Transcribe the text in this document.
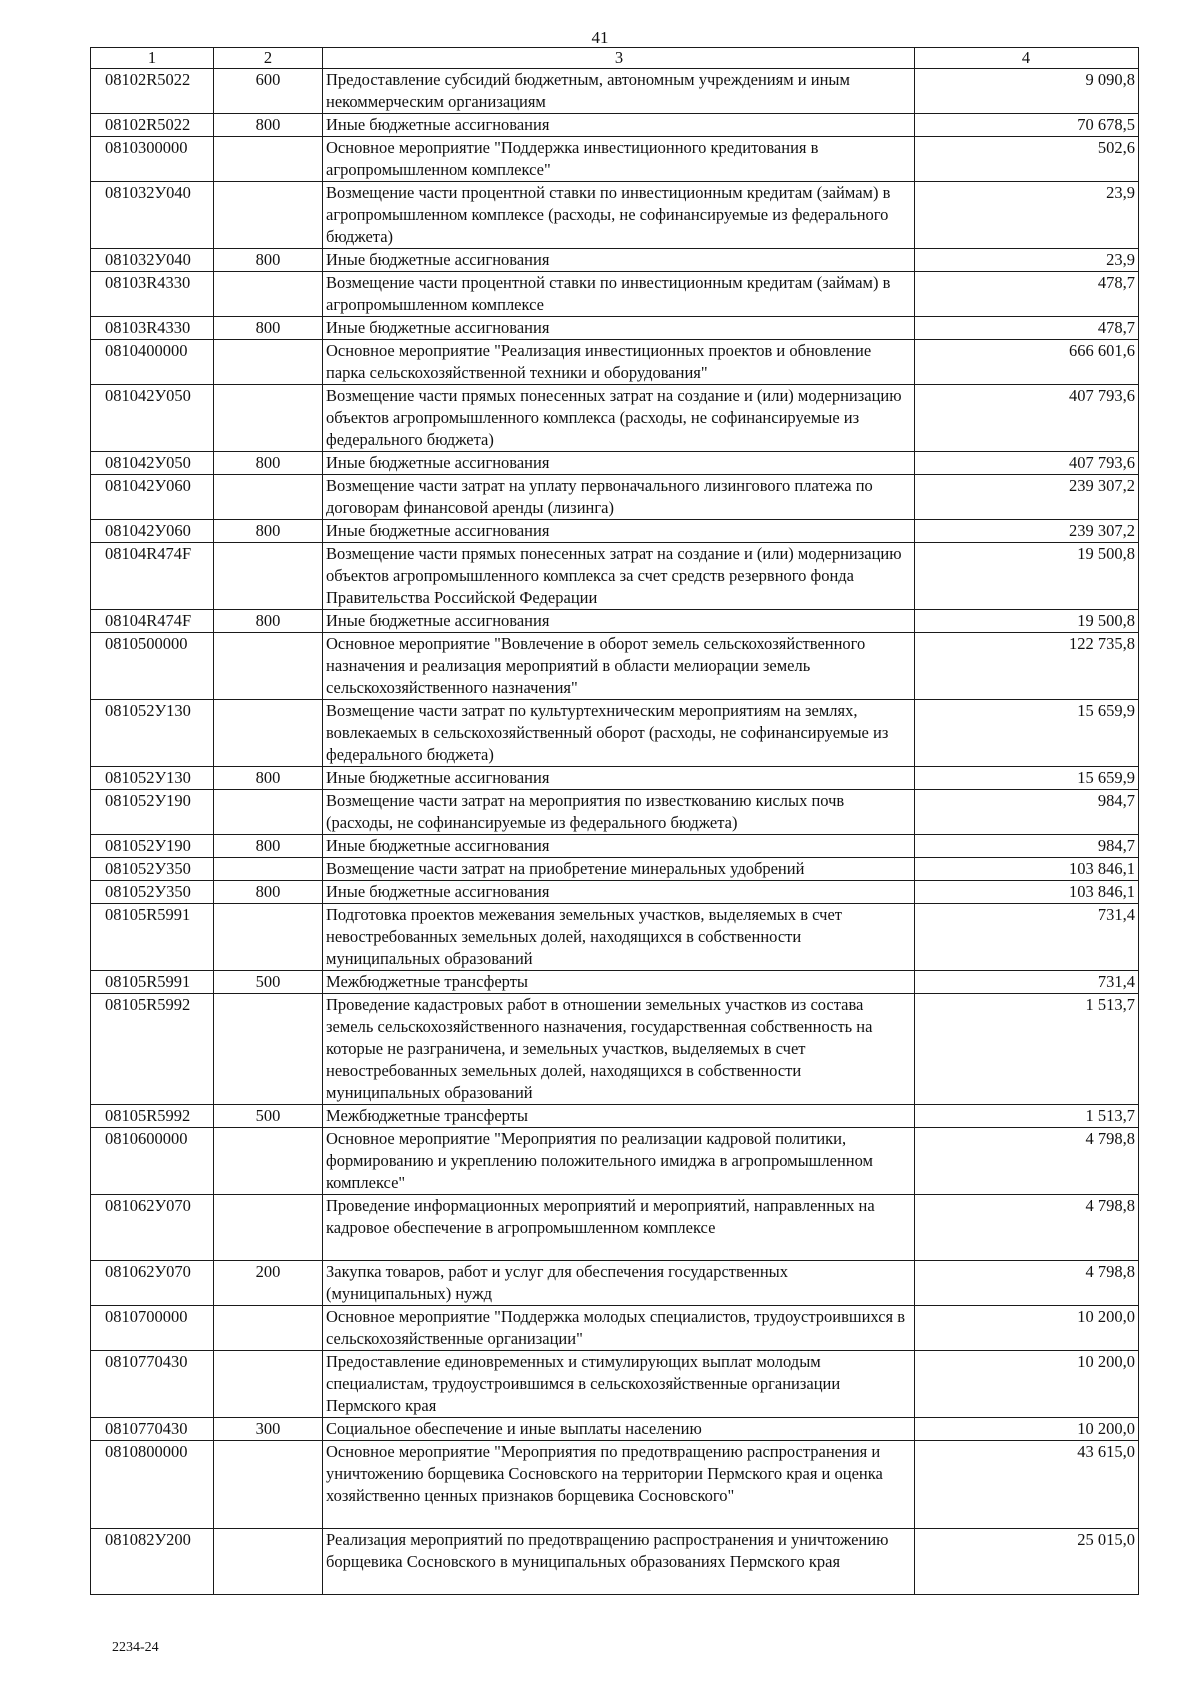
41
1	2	3	4
08102R5022	600	Предоставление субсидий бюджетным, автономным учреждениям и иным некоммерческим организациям	9 090,8
08102R5022	800	Иные бюджетные ассигнования	70 678,5
0810300000		Основное мероприятие "Поддержка инвестиционного кредитования в агропромышленном комплексе"	502,6
081032У040		Возмещение части процентной ставки по инвестиционным кредитам (займам) в агропромышленном комплексе (расходы, не софинансируемые из федерального бюджета)	23,9
081032У040	800	Иные бюджетные ассигнования	23,9
08103R4330		Возмещение части процентной ставки по инвестиционным кредитам (займам) в агропромышленном комплексе	478,7
08103R4330	800	Иные бюджетные ассигнования	478,7
0810400000		Основное мероприятие "Реализация инвестиционных проектов и обновление парка сельскохозяйственной техники и оборудования"	666 601,6
081042У050		Возмещение части прямых понесенных затрат на создание и (или) модернизацию объектов агропромышленного комплекса (расходы, не софинансируемые из федерального бюджета)	407 793,6
081042У050	800	Иные бюджетные ассигнования	407 793,6
081042У060		Возмещение части затрат на уплату первоначального лизингового платежа по договорам финансовой аренды (лизинга)	239 307,2
081042У060	800	Иные бюджетные ассигнования	239 307,2
08104R474F		Возмещение части прямых понесенных затрат на создание и (или) модернизацию объектов агропромышленного комплекса за счет средств резервного фонда Правительства Российской Федерации	19 500,8
08104R474F	800	Иные бюджетные ассигнования	19 500,8
0810500000		Основное мероприятие "Вовлечение в оборот земель сельскохозяйственного назначения и реализация мероприятий в области мелиорации земель сельскохозяйственного назначения"	122 735,8
081052У130		Возмещение части затрат по культуртехническим мероприятиям на землях, вовлекаемых в сельскохозяйственный оборот (расходы, не софинансируемые из федерального бюджета)	15 659,9
081052У130	800	Иные бюджетные ассигнования	15 659,9
081052У190		Возмещение части затрат на мероприятия по известкованию кислых почв (расходы, не софинансируемые из федерального бюджета)	984,7
081052У190	800	Иные бюджетные ассигнования	984,7
081052У350		Возмещение части затрат на приобретение минеральных удобрений	103 846,1
081052У350	800	Иные бюджетные ассигнования	103 846,1
08105R5991		Подготовка проектов межевания земельных участков, выделяемых в счет невостребованных земельных долей, находящихся в собственности муниципальных образований	731,4
08105R5991	500	Межбюджетные трансферты	731,4
08105R5992		Проведение кадастровых работ в отношении земельных участков из состава земель сельскохозяйственного назначения, государственная собственность на которые не разграничена, и земельных участков, выделяемых в счет невостребованных земельных долей, находящихся в собственности муниципальных образований	1 513,7
08105R5992	500	Межбюджетные трансферты	1 513,7
0810600000		Основное мероприятие "Мероприятия по реализации кадровой политики, формированию и укреплению положительного имиджа в агропромышленном комплексе"	4 798,8
081062У070		Проведение информационных мероприятий и мероприятий, направленных на кадровое обеспечение в агропромышленном комплексе	4 798,8
081062У070	200	Закупка товаров, работ и услуг для обеспечения государственных (муниципальных) нужд	4 798,8
0810700000		Основное мероприятие "Поддержка молодых специалистов, трудоустроившихся в сельскохозяйственные организации"	10 200,0
0810770430		Предоставление единовременных и стимулирующих выплат молодым специалистам, трудоустроившимся в сельскохозяйственные организации Пермского края	10 200,0
0810770430	300	Социальное обеспечение и иные выплаты населению	10 200,0
0810800000		Основное мероприятие "Мероприятия по предотвращению распространения и уничтожению борщевика Сосновского на территории Пермского края и оценка хозяйственно ценных признаков борщевика Сосновского"	43 615,0
081082У200		Реализация мероприятий по предотвращению распространения и уничтожению борщевика Сосновского в муниципальных образованиях Пермского края	25 015,0
2234-24
